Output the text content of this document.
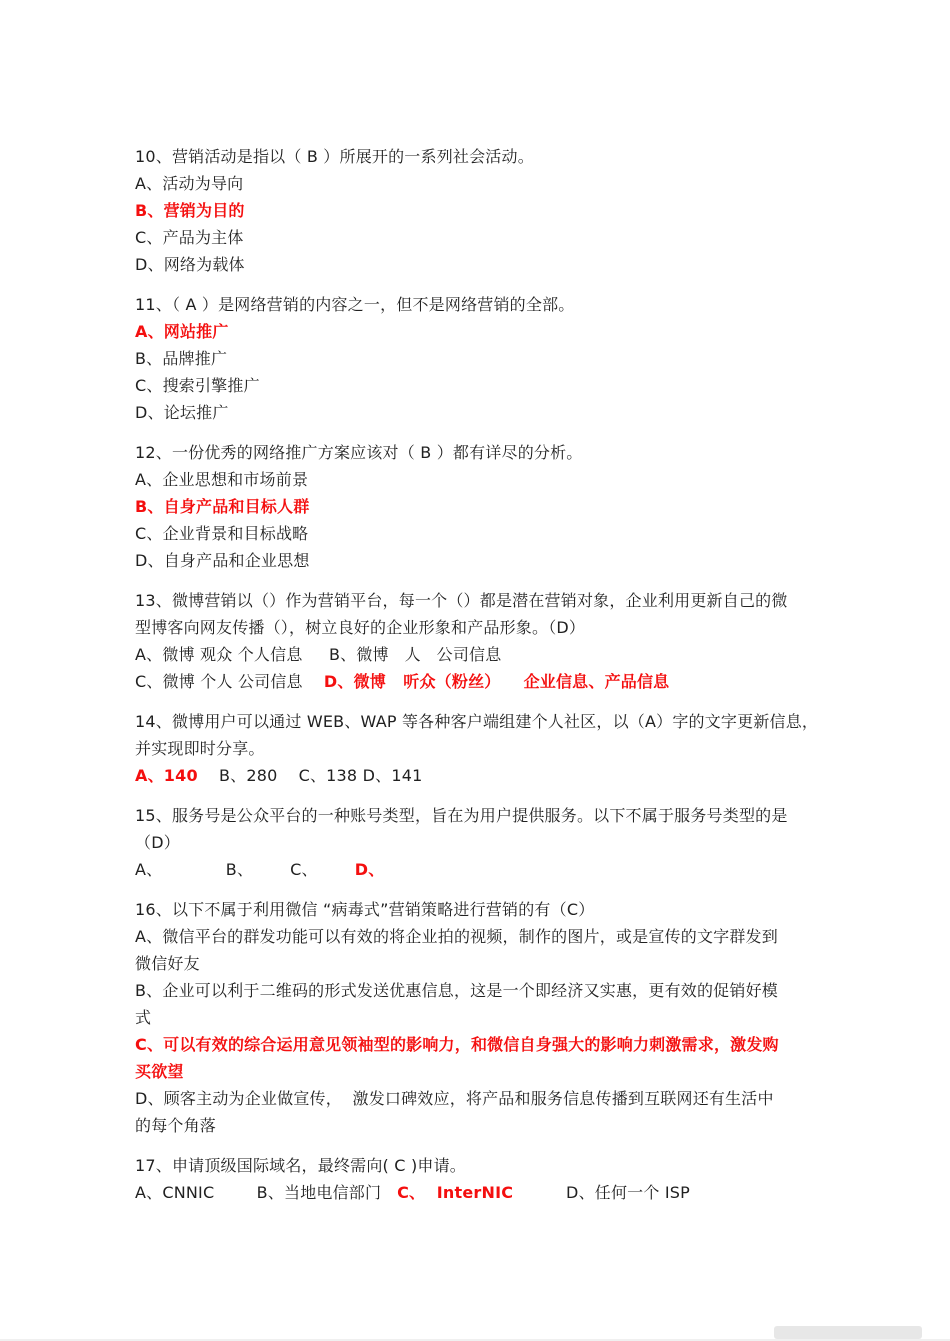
10、营销活动是指以（ B ）所展开的一系列社会活动。
A、活动为导向
B、营销为目的
C、产品为主体
D、网络为载体
11、（ A ）是网络营销的内容之一，但不是网络营销的全部。
A、网站推广
B、品牌推广
C、搜索引擎推广
D、论坛推广
12、一份优秀的网络推广方案应该对（ B ）都有详尽的分析。
A、企业思想和市场前景
B、自身产品和目标人群
C、企业背景和目标战略
D、自身产品和企业思想
13、微博营销以（）作为营销平台，每一个（）都是潜在营销对象，企业利用更新自己的微
型博客向网友传播（），树立良好的企业形象和产品形象。（D）
A、微博 观众 个人信息     B、微博   人   公司信息
C、微博 个人 公司信息    D、微博   听众（粉丝）    企业信息、产品信息
14、微博用户可以通过 WEB、WAP 等各种客户端组建个人社区，以（A）字的文字更新信息，
并实现即时分享。
A、140    B、280    C、138 D、141
15、服务号是公众平台的一种账号类型，旨在为用户提供服务。以下不属于服务号类型的是
（D）
A、            B、       C、       D、
16、以下不属于利用微信 “病毒式”营销策略进行营销的有（C）
A、微信平台的群发功能可以有效的将企业拍的视频，制作的图片，或是宣传的文字群发到
微信好友
B、企业可以利于二维码的形式发送优惠信息，这是一个即经济又实惠，更有效的促销好模
式
C、可以有效的综合运用意见领袖型的影响力，和微信自身强大的影响力刺激需求，激发购
买欲望
D、顾客主动为企业做宣传，  激发口碑效应，将产品和服务信息传播到互联网还有生活中
的每个角落
17、申请顶级国际域名，最终需向( C )申请。
A、CNNIC        B、当地电信部门   C、  InterNIC          D、任何一个 ISP
